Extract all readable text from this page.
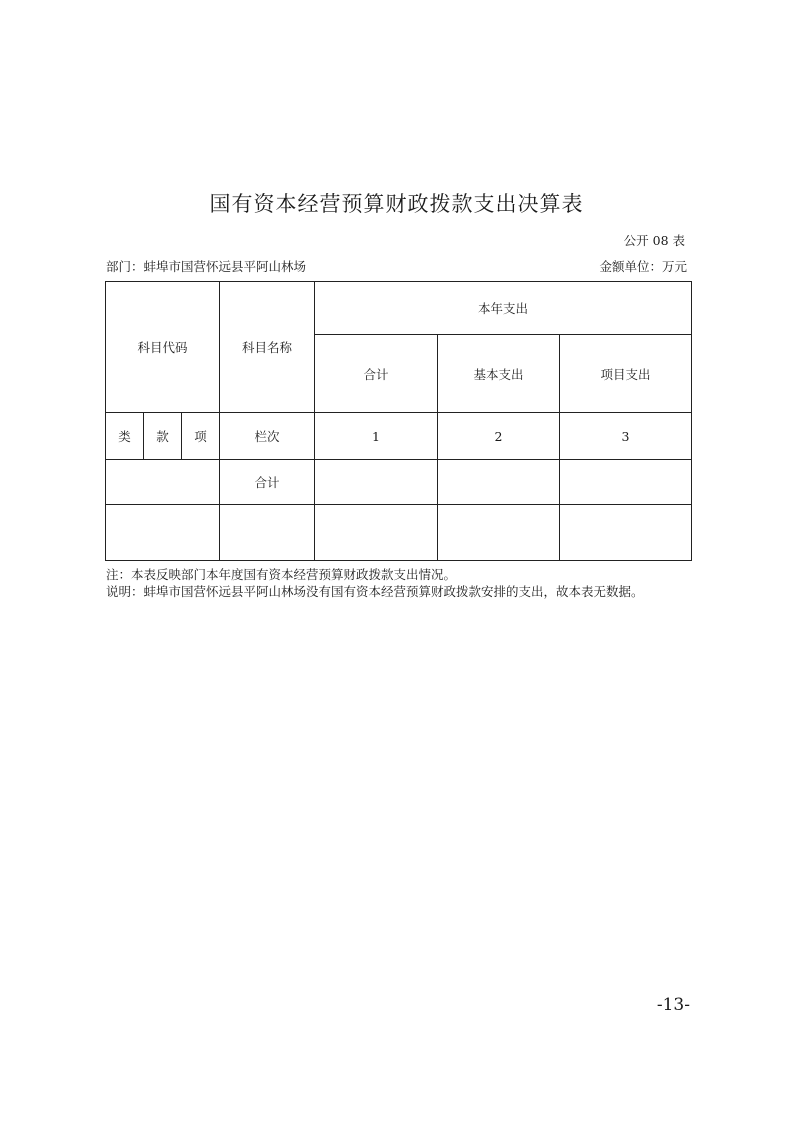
国有资本经营预算财政拨款支出决算表
公开 08 表
部门：蚌埠市国营怀远县平阿山林场	金额单位：万元
科目代码			科目名称	本年支出		
				合计	基本支出	项目支出
类	款	项	栏次	1	2	3
			合计			

注：本表反映部门本年度国有资本经营预算财政拨款支出情况。
说明：蚌埠市国营怀远县平阿山林场没有国有资本经营预算财政拨款安排的支出，故本表无数据。
-13-
